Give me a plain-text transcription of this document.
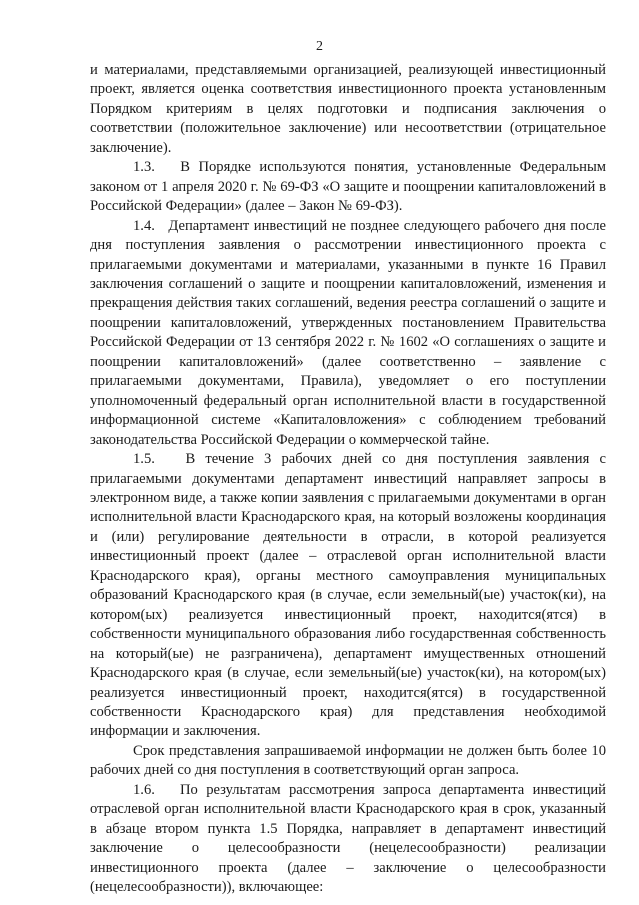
2

и материалами, представляемыми организацией, реализующей инвестиционный проект, является оценка соответствия инвестиционного проекта установленным Порядком критериям в целях подготовки и подписания заключения о соответствии (положительное заключение) или несоответствии (отрицательное заключение).

1.3.   В Порядке используются понятия, установленные Федеральным законом от 1 апреля 2020 г. № 69-ФЗ «О защите и поощрении капиталовложений в Российской Федерации» (далее – Закон № 69-ФЗ).

1.4.   Департамент инвестиций не позднее следующего рабочего дня после дня поступления заявления о рассмотрении инвестиционного проекта с прилагаемыми документами и материалами, указанными в пункте 16 Правил заключения соглашений о защите и поощрении капиталовложений, изменения и прекращения действия таких соглашений, ведения реестра соглашений о защите и поощрении капиталовложений, утвержденных постановлением Правительства Российской Федерации от 13 сентября 2022 г. № 1602 «О соглашениях о защите и поощрении капиталовложений» (далее соответственно – заявление с прилагаемыми документами, Правила), уведомляет о его поступлении уполномоченный федеральный орган исполнительной власти в государственной информационной системе «Капиталовложения» с соблюдением требований законодательства Российской Федерации о коммерческой тайне.

1.5.   В течение 3 рабочих дней со дня поступления заявления с прилагаемыми документами департамент инвестиций направляет запросы в электронном виде, а также копии заявления с прилагаемыми документами в орган исполнительной власти Краснодарского края, на который возложены координация и (или) регулирование деятельности в отрасли, в которой реализуется инвестиционный проект (далее – отраслевой орган исполнительной власти Краснодарского края), органы местного самоуправления муниципальных образований Краснодарского края (в случае, если земельный(ые) участок(ки), на котором(ых) реализуется инвестиционный проект, находится(ятся) в собственности муниципального образования либо государственная собственность на который(ые) не разграничена), департамент имущественных отношений Краснодарского края (в случае, если земельный(ые) участок(ки), на котором(ых) реализуется инвестиционный проект, находится(ятся) в государственной собственности Краснодарского края) для представления необходимой информации и заключения.

Срок представления запрашиваемой информации не должен быть более 10 рабочих дней со дня поступления в соответствующий орган запроса.

1.6.   По результатам рассмотрения запроса департамента инвестиций отраслевой орган исполнительной власти Краснодарского края в срок, указанный в абзаце втором пункта 1.5 Порядка, направляет в департамент инвестиций заключение о целесообразности (нецелесообразности) реализации инвестиционного проекта (далее – заключение о целесообразности (нецелесообразности)), включающее:
